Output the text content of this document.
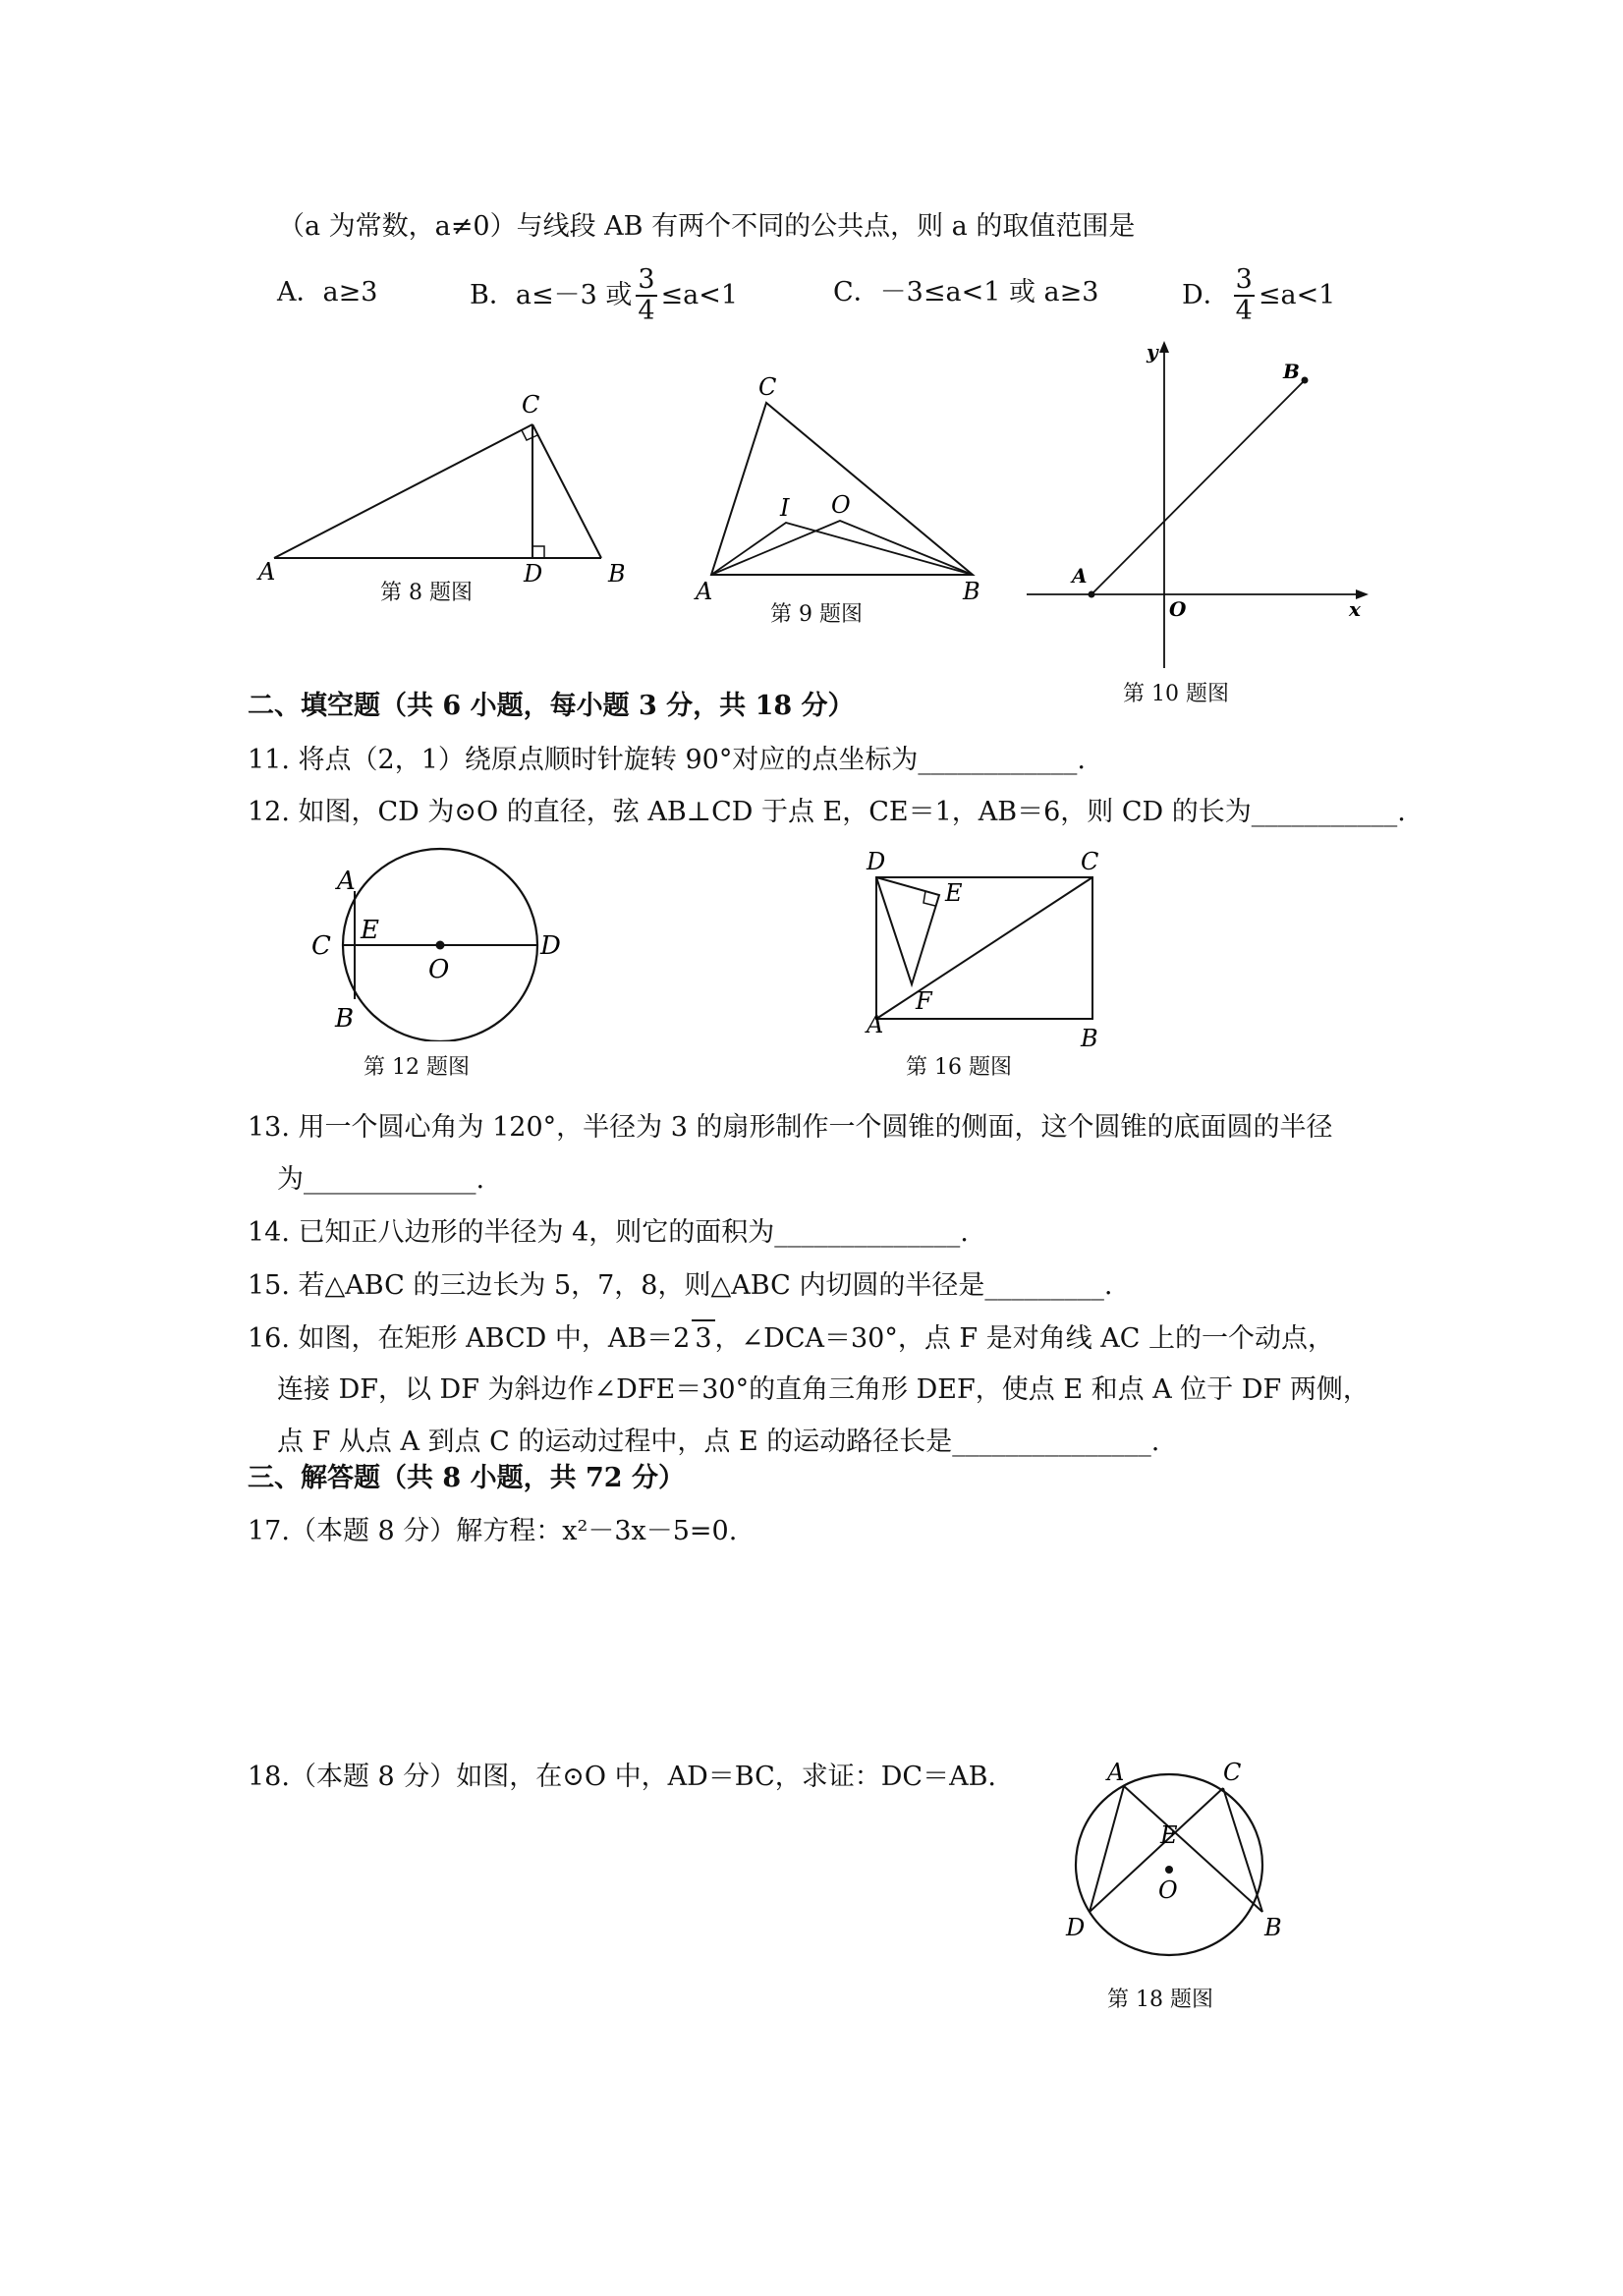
（a 为常数，a≠0）与线段 AB 有两个不同的公共点，则 a 的取值范围是
A．a≥3	B． a≤－3 或 $\frac{3}{4} \le a<1$	C．－3≤a<1 或 a≥3	D． $\frac{3}{4} \le a<1$
A	B
C
D
第 8 题图	A	B
C
I O
第 9 题图
A
B
O	x
y
第 10 题图
二、填空题（共 6 小题，每小题 3 分，共 18 分）
11. 将点（2，1）绕原点顺时针旋转 90°对应的点坐标为____________.
12. 如图，CD 为⊙O 的直径，弦 AB⊥CD 于点 E，CE＝1，AB＝6，则 CD 的长为___________.
A
B
C	D
E
O
第 12 题图
A	B
C
D
E
F
第 16 题图
13. 用一个圆心角为 120°，半径为 3 的扇形制作一个圆锥的侧面，这个圆锥的底面圆的半径
为_____________.
14. 已知正八边形的半径为 4，则它的面积为______________.
15. 若△ABC 的三边长为 5，7，8，则△ABC 内切圆的半径是_________.
16. 如图，在矩形 ABCD 中，AB＝2 3 ，∠DCA＝30°，点 F 是对角线 AC 上的一个动点，
连接 DF，以 DF 为斜边作∠DFE＝30°的直角三角形 DEF，使点 E 和点 A 位于 DF 两侧，
点 F 从点 A 到点 C 的运动过程中，点 E 的运动路径长是_______________.
三、解答题（共 8 小题，共 72 分）
17.（本题 8 分）解方程：x²－3x－5=0.
18.（本题 8 分）如图，在⊙O 中，AD＝BC，求证：DC＝AB.	A
B
C
D
E
O
第 18 题图
